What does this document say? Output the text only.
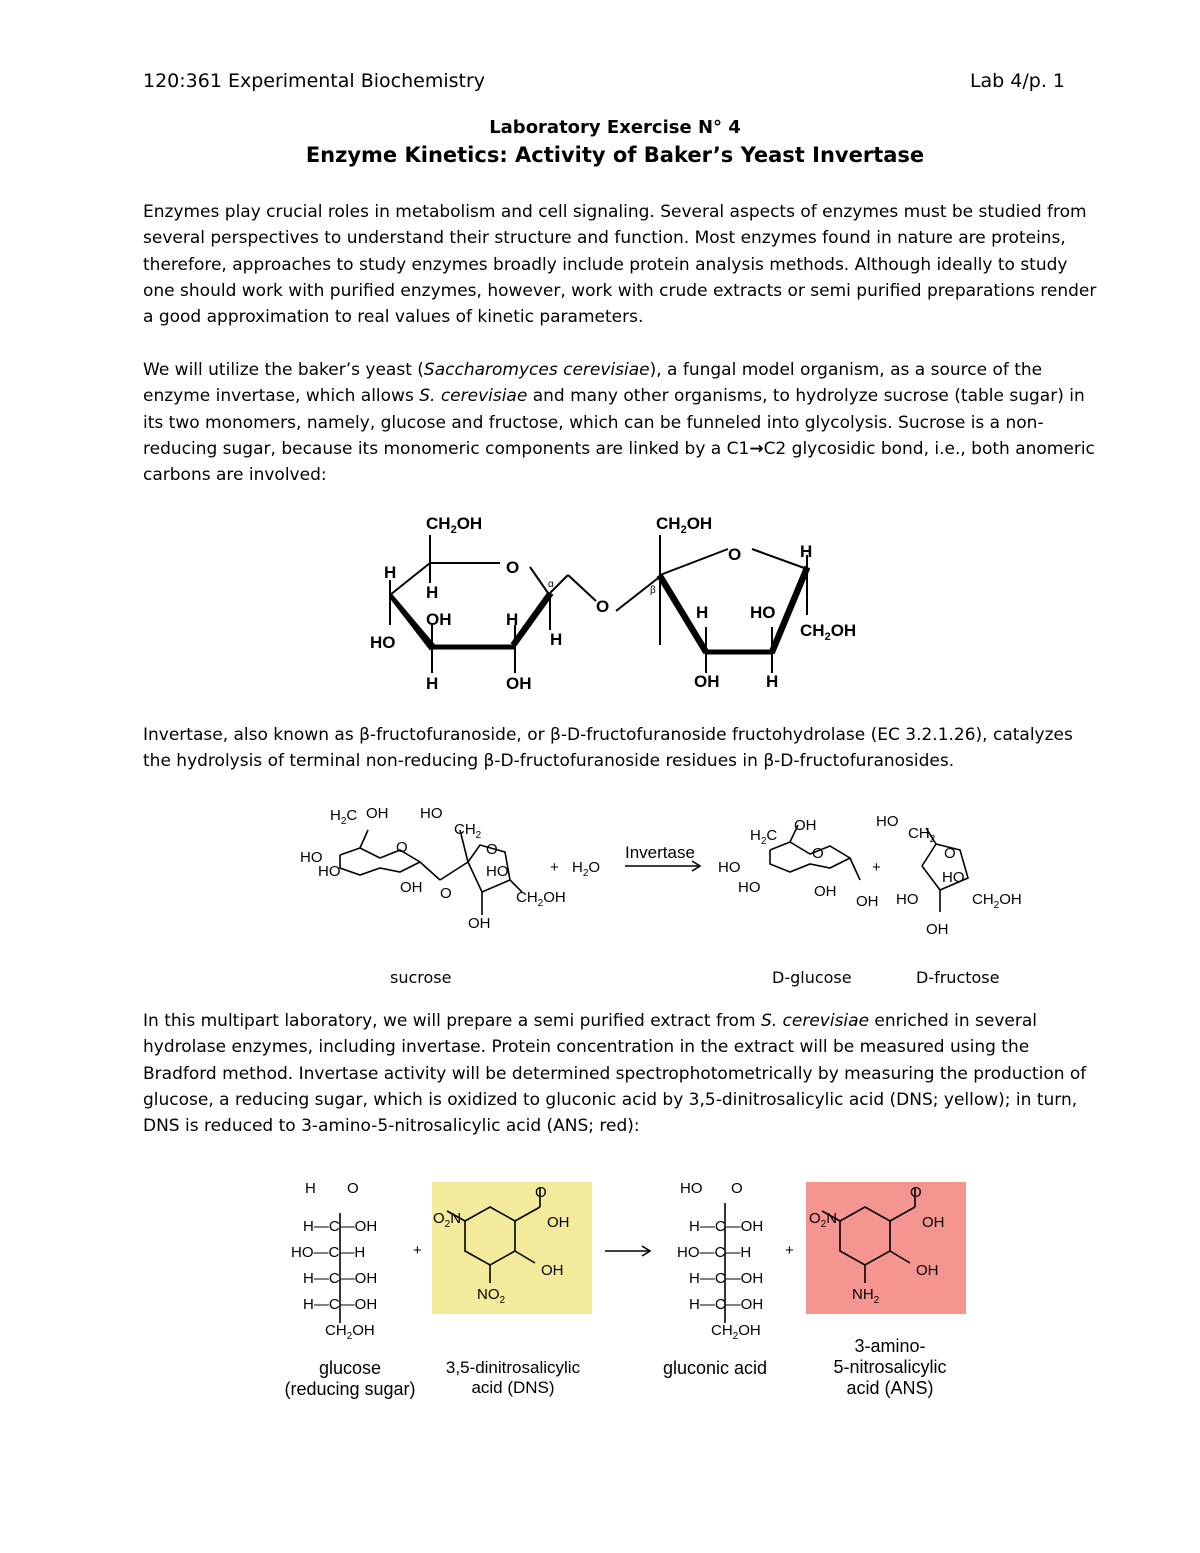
120:361 Experimental Biochemistry	Lab 4/p. 1
Laboratory Exercise N° 4
Enzyme Kinetics: Activity of Baker’s Yeast Invertase

Enzymes play crucial roles in metabolism and cell signaling. Several aspects of enzymes must be studied from several perspectives to understand their structure and function. Most enzymes found in nature are proteins, therefore, approaches to study enzymes broadly include protein analysis methods. Although ideally to study one should work with purified enzymes, however, work with crude extracts or semi purified preparations render a good approximation to real values of kinetic parameters.

We will utilize the baker’s yeast (Saccharomyces cerevisiae), a fungal model organism, as a source of the enzyme invertase, which allows S. cerevisiae and many other organisms, to hydrolyze sucrose (table sugar) in its two monomers, namely, glucose and fructose, which can be funneled into glycolysis. Sucrose is a non-reducing sugar, because its monomeric components are linked by a C1→C2 glycosidic bond, i.e., both anomeric carbons are involved:

$CH_2OH$	$CH_2OH$
O
O
O
H
H
OH	H
HO
H	OH
H
H
H HO
$CH_2OH$
OH	H
α
β

Invertase, also known as β-fructofuranoside, or β-D-fructofuranoside fructohydrolase (EC 3.2.1.26), catalyzes the hydrolysis of terminal non-reducing β-D-fructofuranoside residues in β-D-fructofuranosides.

$H_2C$ OH HO
$CH_2$
HO
HO
O
OH O
O
HO
$CH_2OH$
OH
+ $H_2O$
Invertase
$H_2C$
OH
HO
HO
O
OH
OH
+
HO
$CH_2$
O
HO
HO	$CH_2OH$
OH
sucrose	D-glucose	D-fructose

In this multipart laboratory, we will prepare a semi purified extract from S. cerevisiae enriched in several hydrolase enzymes, including invertase. Protein concentration in the extract will be measured using the Bradford method. Invertase activity will be determined spectrophotometrically by measuring the production of glucose, a reducing sugar, which is oxidized to gluconic acid by 3,5-dinitrosalicylic acid (DNS; yellow); in turn, DNS is reduced to 3-amino-5-nitrosalicylic acid (ANS; red):

H O
H—C—OH
HO—C—H
H—C—OH
H—C—OH
$CH_2OH$
+
$O_2N$
O
OH
OH
$NO_2$
HO O
H—C—OH
HO—C—H
H—C—OH
H—C—OH
$CH_2OH$
+
$O_2N$
O
OH
OH
$NH_2$
glucose
(reducing sugar)
3,5-dinitrosalicylic
acid (DNS)
gluconic acid
3-amino-
5-nitrosalicylic
acid (ANS)
